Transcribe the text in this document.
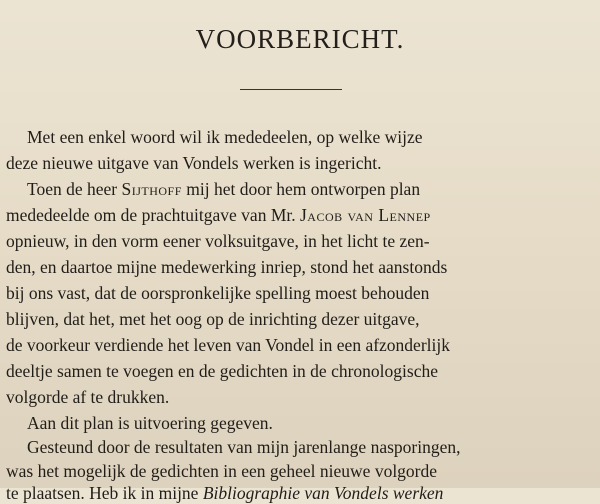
VOORBERICHT.
Met een enkel woord wil ik mededeelen, op welke wijze
deze nieuwe uitgave van Vondels werken is ingericht.
Toen de heer Sijthoff mij het door hem ontworpen plan
mededeelde om de prachtuitgave van Mr. Jacob van Lennep
opnieuw, in den vorm eener volksuitgave, in het licht te zen-
den, en daartoe mijne medewerking inriep, stond het aanstonds
bij ons vast, dat de oorspronkelijke spelling moest behouden
blijven, dat het, met het oog op de inrichting dezer uitgave,
de voorkeur verdiende het leven van Vondel in een afzonderlijk
deeltje samen te voegen en de gedichten in de chronologische
volgorde af te drukken.
Aan dit plan is uitvoering gegeven.
Gesteund door de resultaten van mijn jarenlange nasporingen,
was het mogelijk de gedichten in een geheel nieuwe volgorde
te plaatsen. Heb ik in mijne Bibliographie van Vondels werken
